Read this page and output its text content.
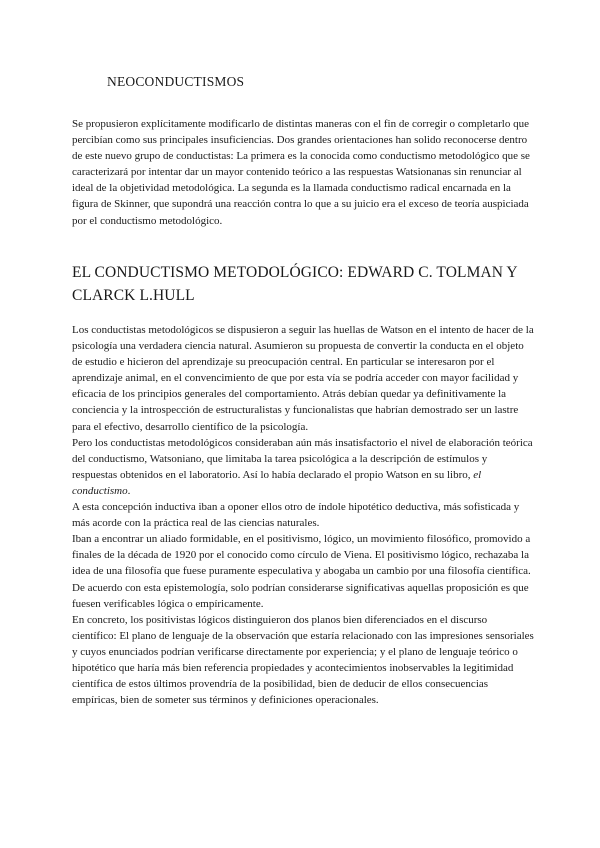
NEOCONDUCTISMOS

Se propusieron explícitamente modificarlo de distintas maneras con el fin de corregir o completarlo que percibían como sus principales insuficiencias. Dos grandes orientaciones han solido reconocerse dentro de este nuevo grupo de conductistas: La primera es la conocida como conductismo metodológico que se caracterizará por intentar dar un mayor contenido teórico a las respuestas Watsionanas sin renunciar al ideal de la objetividad metodológica. La segunda es la llamada conductismo radical encarnada en la figura de Skinner, que supondrá una reacción contra lo que a su juicio era el exceso de teoría auspiciada por el conductismo metodológico.

EL CONDUCTISMO METODOLÓGICO: EDWARD C. TOLMAN Y CLARCK L.HULL

Los conductistas metodológicos se dispusieron a seguir las huellas de Watson en el intento de hacer de la psicología una verdadera ciencia natural. Asumieron su propuesta de convertir la conducta en el objeto de estudio e hicieron del aprendizaje su preocupación central. En particular se interesaron por el aprendizaje animal, en el convencimiento de que por esta vía se podría acceder con mayor facilidad y eficacia de los principios generales del comportamiento. Atrás debían quedar ya definitivamente la conciencia y la introspección de estructuralistas y funcionalistas que habrían demostrado ser un lastre para el efectivo, desarrollo científico de la psicología.

Pero los conductistas metodológicos consideraban aún más insatisfactorio el nivel de elaboración teórica del conductismo, Watsoniano, que limitaba la tarea psicológica a la descripción de estímulos y respuestas obtenidos en el laboratorio. Así lo había declarado el propio Watson en su libro, el conductismo.

A esta concepción inductiva iban a oponer ellos otro de índole hipotético deductiva, más sofisticada y más acorde con la práctica real de las ciencias naturales.

Iban a encontrar un aliado formidable, en el positivismo, lógico, un movimiento filosófico, promovido a finales de la década de 1920 por el conocido como círculo de Viena. El positivismo lógico, rechazaba la idea de una filosofía que fuese puramente especulativa y abogaba un cambio por una filosofía científica.

De acuerdo con esta epistemología, solo podrían considerarse significativas aquellas proposición es que fuesen verificables lógica o empíricamente.

En concreto, los positivistas lógicos distinguieron dos planos bien diferenciados en el discurso científico: El plano de lenguaje de la observación que estaría relacionado con las impresiones sensoriales y cuyos enunciados podrían verificarse directamente por experiencia; y el plano de lenguaje teórico o hipotético que haría más bien referencia propiedades y acontecimientos inobservables la legitimidad científica de estos últimos provendría de la posibilidad, bien de deducir de ellos consecuencias empíricas, bien de someter sus términos y definiciones operacionales.
